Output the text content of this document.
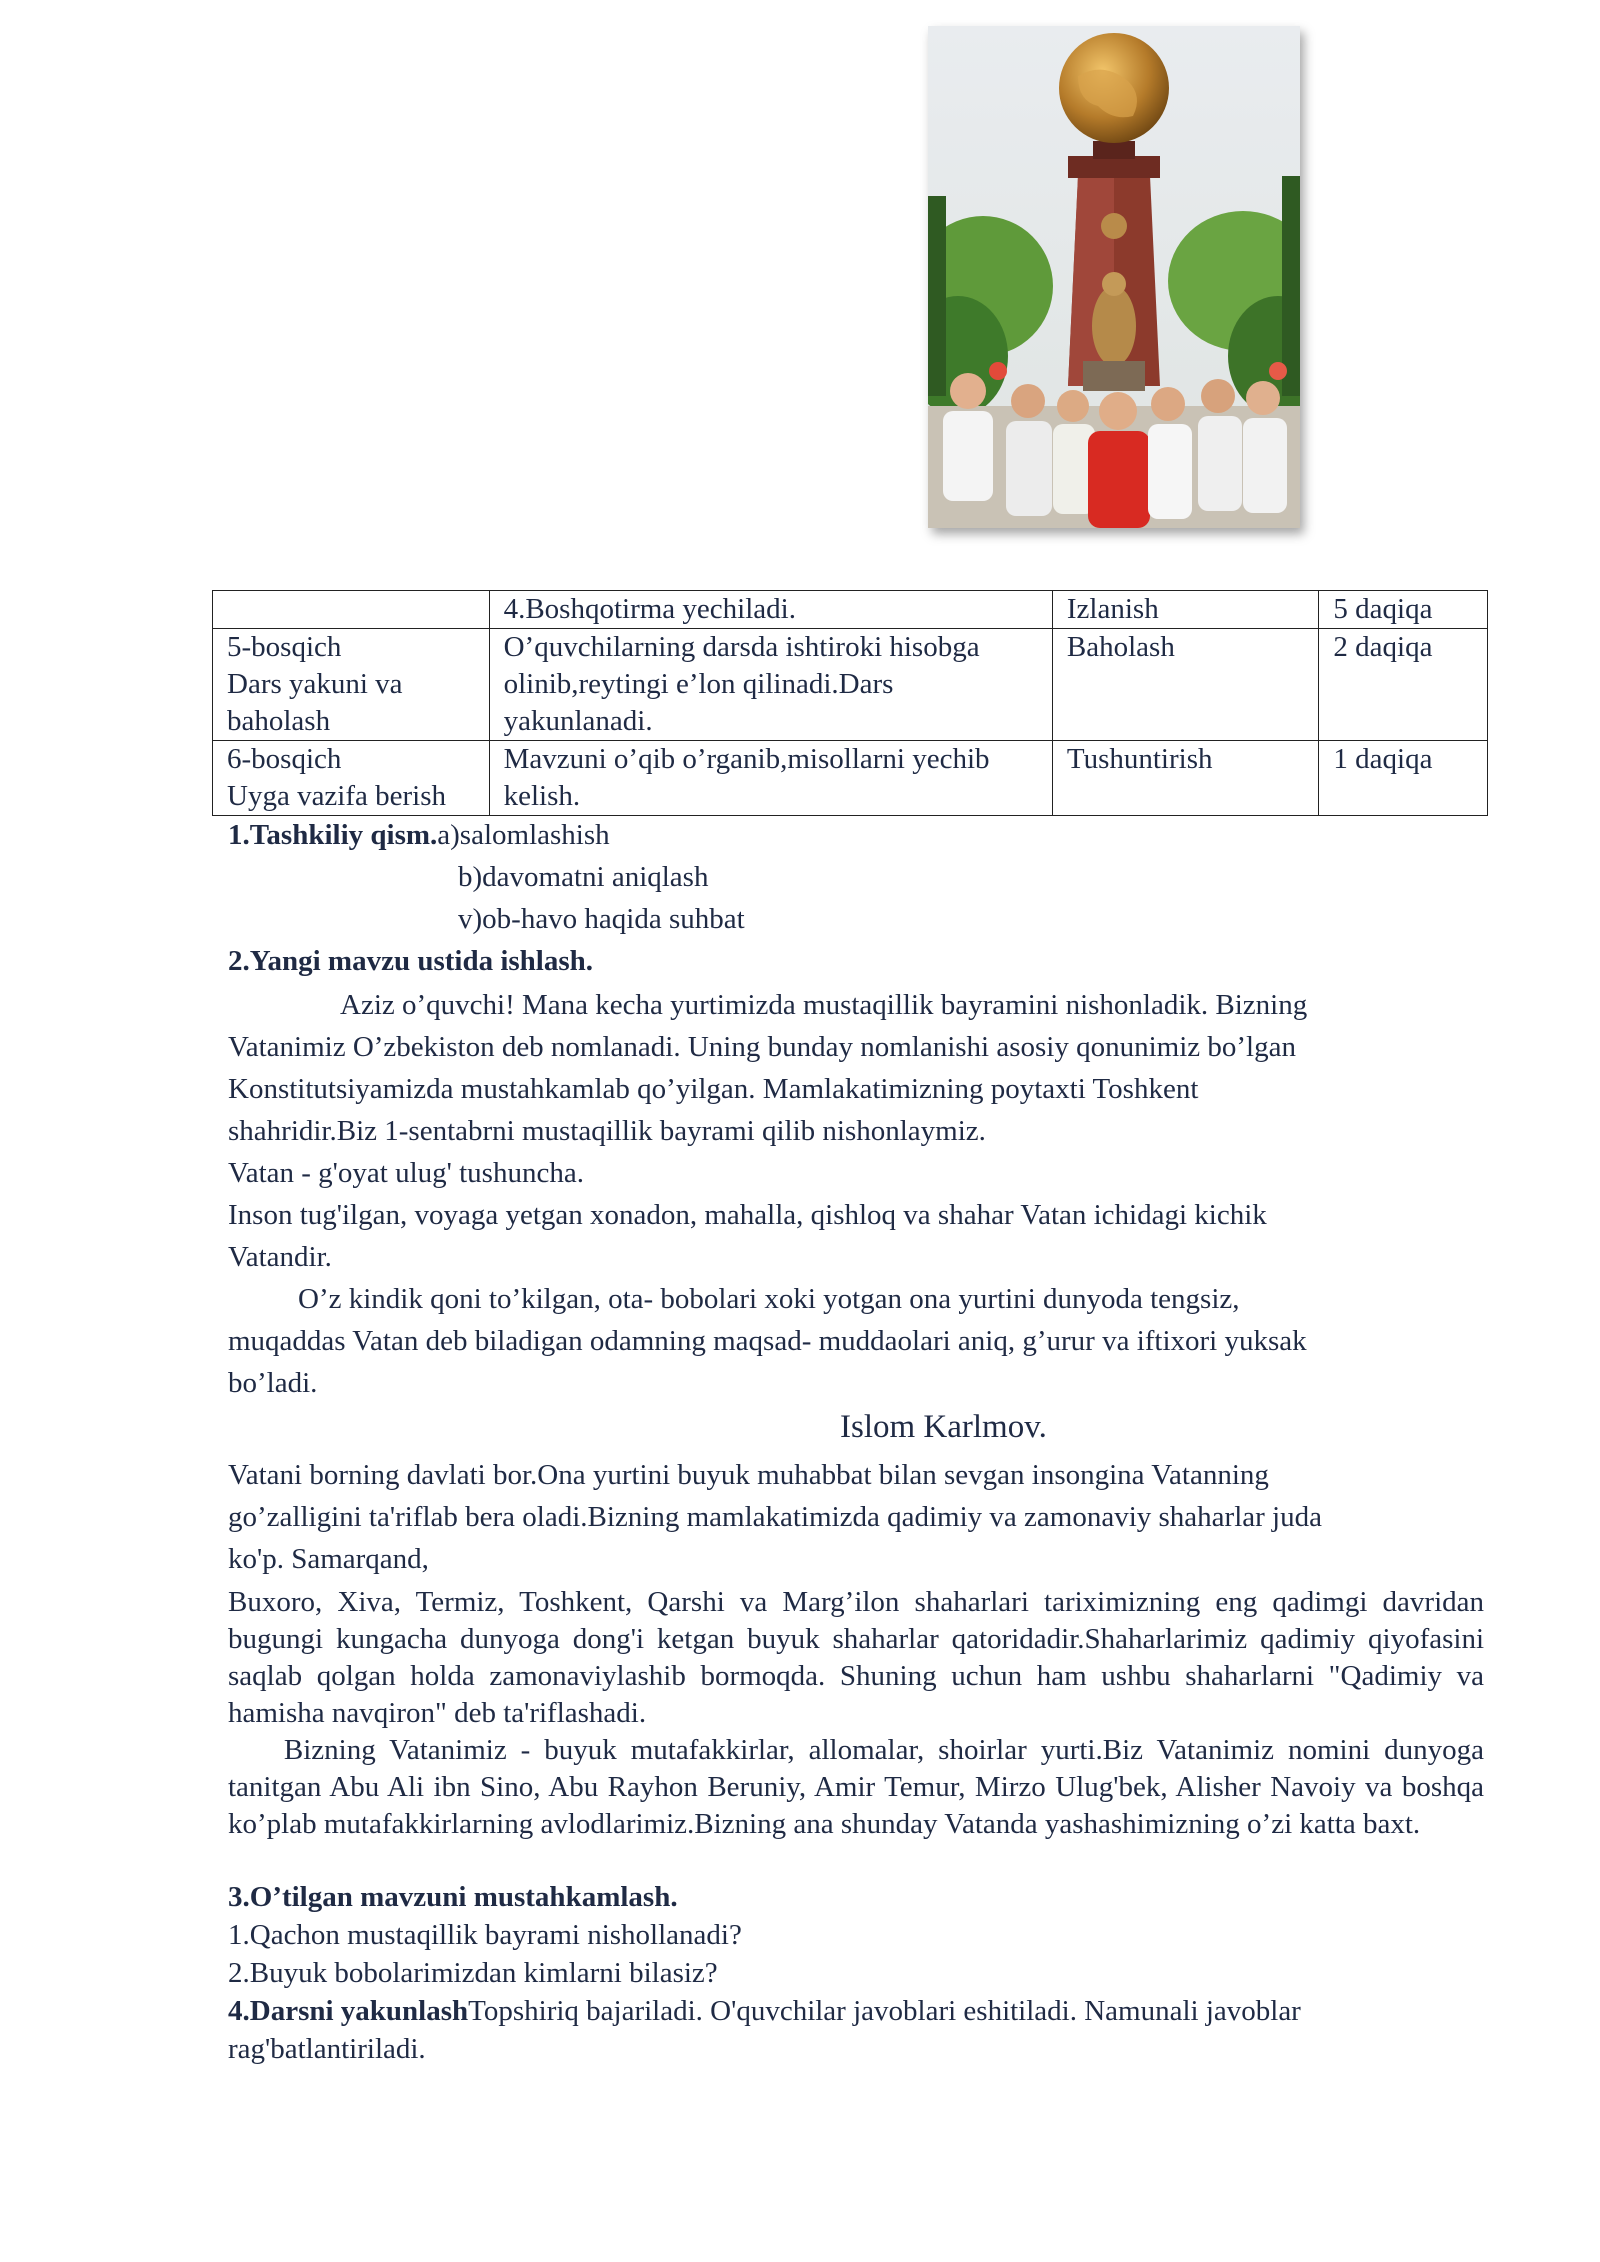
	4.Boshqotirma yechiladi.	Izlanish	5 daqiqa

5-bosqich
Dars yakuni va
baholash	O’quvchilarning darsda ishtiroki hisobga
olinib,reytingi e’lon qilinadi.Dars
yakunlanadi.	Baholash	2 daqiqa

6-bosqich
Uyga vazifa berish	Mavzuni o’qib o’rganib,misollarni yechib
kelish.	Tushuntirish	1 daqiqa
1.Tashkiliy qism.a)salomlashish
b)davomatni aniqlash
v)ob-havo haqida suhbat
2.Yangi mavzu ustida ishlash.
Aziz o’quvchi! Mana kecha yurtimizda mustaqillik bayramini nishonladik. Bizning
Vatanimiz O’zbekiston deb nomlanadi. Uning bunday nomlanishi asosiy qonunimiz bo’lgan
Konstitutsiyamizda mustahkamlab qo’yilgan. Mamlakatimizning poytaxti Toshkent
shahridir.Biz 1-sentabrni mustaqillik bayrami qilib nishonlaymiz.
Vatan - g'oyat ulug' tushuncha.
Inson tug'ilgan, voyaga yetgan xonadon, mahalla, qishloq va shahar Vatan ichidagi kichik
Vatandir.
O’z kindik qoni to’kilgan, ota- bobolari xoki yotgan ona yurtini dunyoda tengsiz,
muqaddas Vatan deb biladigan odamning maqsad- muddaolari aniq, g’urur va iftixori yuksak
bo’ladi.
Islom Karlmov.
Vatani borning davlati bor.Ona yurtini buyuk muhabbat bilan sevgan insongina Vatanning
go’zalligini ta'riflab bera oladi.Bizning mamlakatimizda qadimiy va zamonaviy shaharlar juda
ko'p. Samarqand,
Buxoro, Xiva, Termiz, Toshkent, Qarshi va Marg’ilon shaharlari tariximizning eng qadimgi davridan bugungi kungacha dunyoga dong'i ketgan buyuk shaharlar qatoridadir.Shaharlarimiz qadimiy qiyofasini saqlab qolgan holda zamonaviylashib bormoqda. Shuning uchun ham ushbu shaharlarni "Qadimiy va hamisha navqiron" deb ta'riflashadi.
Bizning Vatanimiz - buyuk mutafakkirlar, allomalar, shoirlar yurti.Biz Vatanimiz nomini dunyoga tanitgan Abu Ali ibn Sino, Abu Rayhon Beruniy, Amir Temur, Mirzo Ulug'bek, Alisher Navoiy va boshqa ko’plab mutafakkirlarning avlodlarimiz.Bizning ana shunday Vatanda yashashimizning o’zi katta baxt.
3.O’tilgan mavzuni mustahkamlash.
1.Qachon mustaqillik bayrami nishollanadi?
2.Buyuk bobolarimizdan kimlarni bilasiz?
4.Darsni yakunlashTopshiriq bajariladi. O'quvchilar javoblari eshitiladi. Namunali javoblar
rag'batlantiriladi.
